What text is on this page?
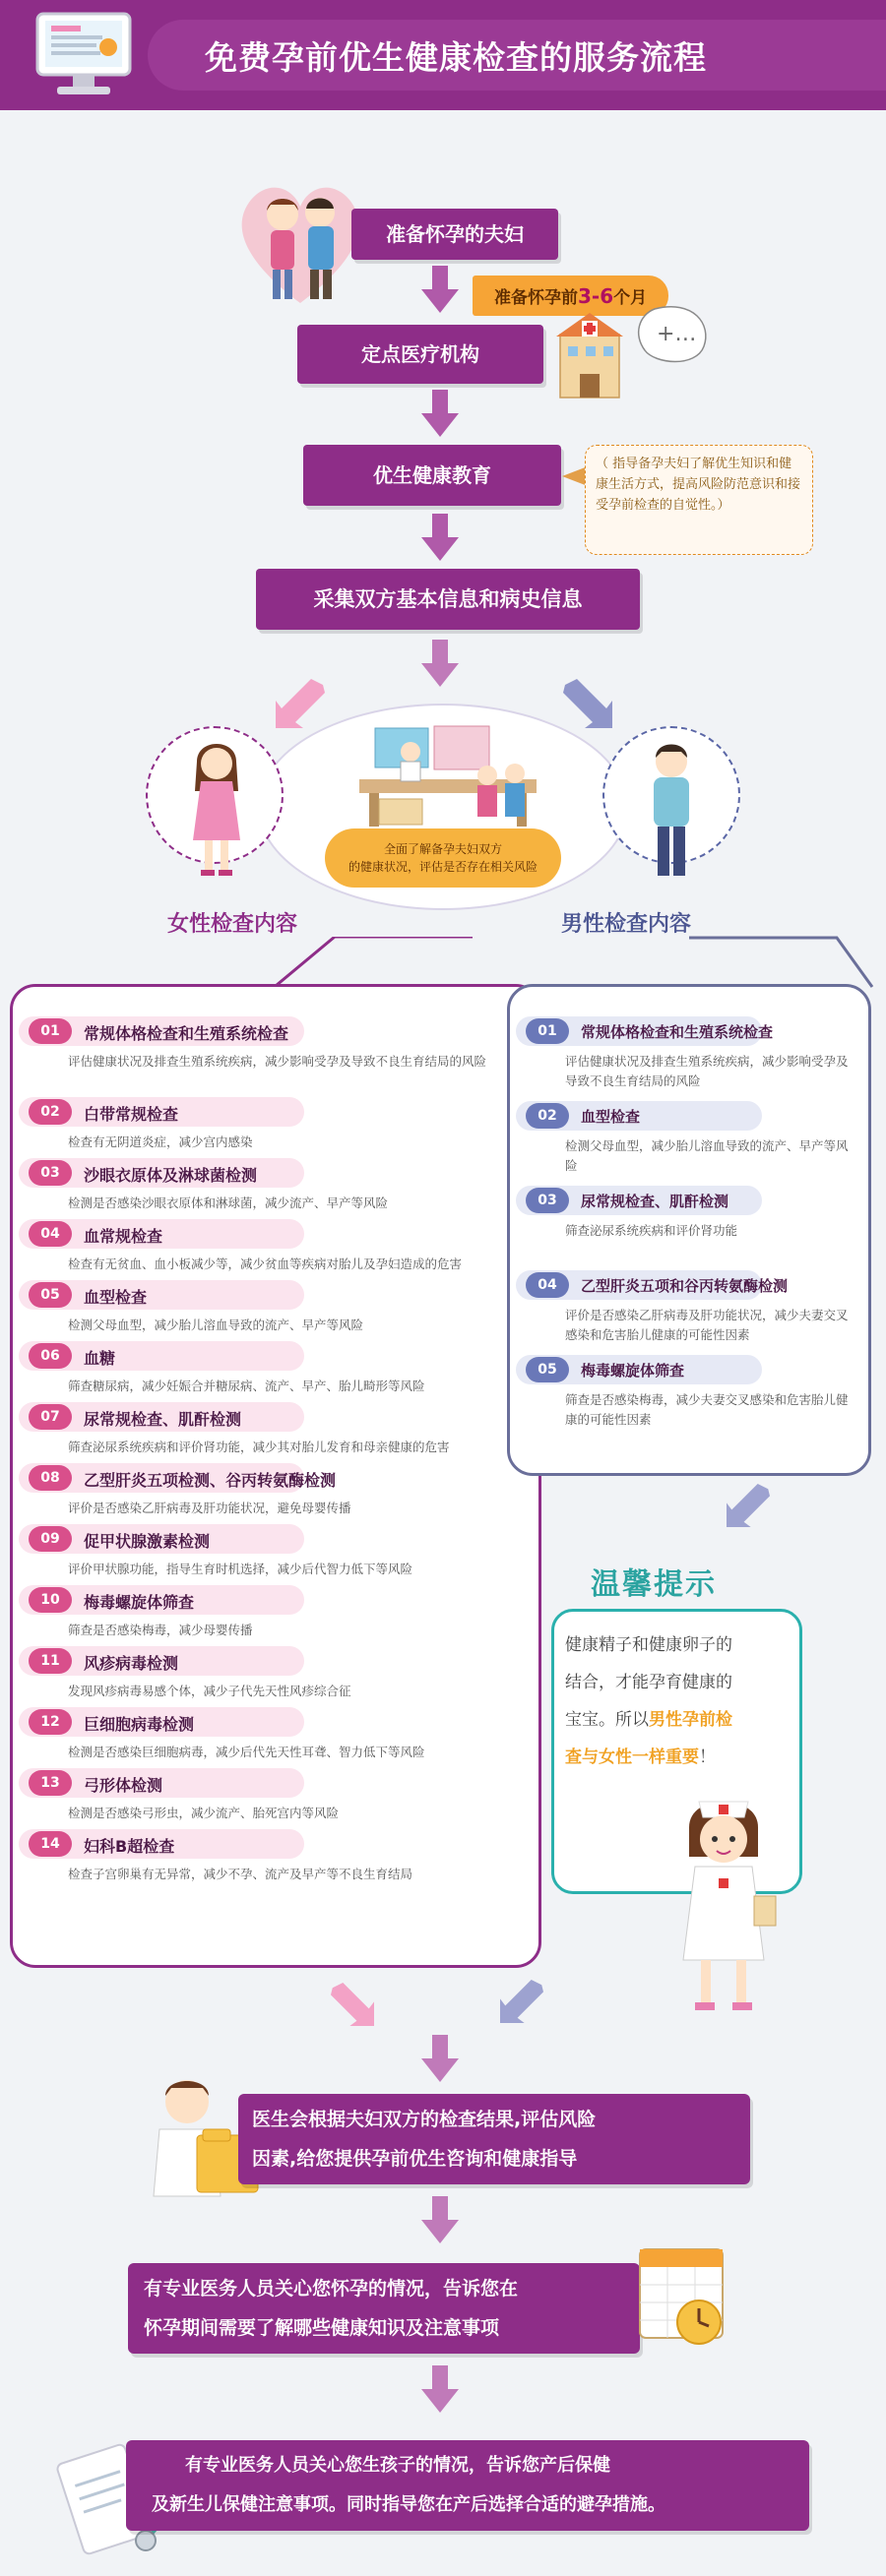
免费孕前优生健康检查的服务流程
准备怀孕的夫妇
准备怀孕前3-6个月
定点医疗机构
+…
优生健康教育	（ 指导备孕夫妇了解优生知识和健康生活方式，提高风险防范意识和接受孕前检查的自觉性。）
采集双方基本信息和病史信息
全面了解备孕夫妇双方
的健康状况，评估是否存在相关风险
女性检查内容	男性检查内容
01	常规体格检查和生殖系统检查
评估健康状况及排查生殖系统疾病，减少影响受孕及导致不良生育结局的风险
02	白带常规检查
检查有无阴道炎症，减少宫内感染
03	沙眼衣原体及淋球菌检测
检测是否感染沙眼衣原体和淋球菌，减少流产、早产等风险
04	血常规检查
检查有无贫血、血小板减少等，减少贫血等疾病对胎儿及孕妇造成的危害
05	血型检查
检测父母血型，减少胎儿溶血导致的流产、早产等风险
06	血糖
筛查糖尿病，减少妊娠合并糖尿病、流产、早产、胎儿畸形等风险
07	尿常规检查、肌酐检测
筛查泌尿系统疾病和评价肾功能，减少其对胎儿发育和母亲健康的危害
08	乙型肝炎五项检测、谷丙转氨酶检测
评价是否感染乙肝病毒及肝功能状况，避免母婴传播
09	促甲状腺激素检测
评价甲状腺功能，指导生育时机选择，减少后代智力低下等风险
10	梅毒螺旋体筛查
筛查是否感染梅毒，减少母婴传播
11	风疹病毒检测
发现风疹病毒易感个体，减少子代先天性风疹综合征
12	巨细胞病毒检测
检测是否感染巨细胞病毒，减少后代先天性耳聋、智力低下等风险
13	弓形体检测
检测是否感染弓形虫，减少流产、胎死宫内等风险
14	妇科B超检查
检查子宫卵巢有无异常，减少不孕、流产及早产等不良生育结局
01	常规体格检查和生殖系统检查
评估健康状况及排查生殖系统疾病，减少影响受孕及导致不良生育结局的风险
02	血型检查
检测父母血型，减少胎儿溶血导致的流产、早产等风险
03	尿常规检查、肌酐检测
筛查泌尿系统疾病和评价肾功能
04	乙型肝炎五项和谷丙转氨酶检测
评价是否感染乙肝病毒及肝功能状况，减少夫妻交叉感染和危害胎儿健康的可能性因素
05	梅毒螺旋体筛查
筛查是否感染梅毒，减少夫妻交叉感染和危害胎儿健康的可能性因素
温馨提示
健康精子和健康卵子的
结合，才能孕育健康的
宝宝。所以男性孕前检
查与女性一样重要！
医生会根据夫妇双方的检查结果,评估风险
因素,给您提供孕前优生咨询和健康指导
有专业医务人员关心您怀孕的情况，告诉您在
怀孕期间需要了解哪些健康知识及注意事项
有专业医务人员关心您生孩子的情况，告诉您产后保健
及新生儿保健注意事项。同时指导您在产后选择合适的避孕措施。
